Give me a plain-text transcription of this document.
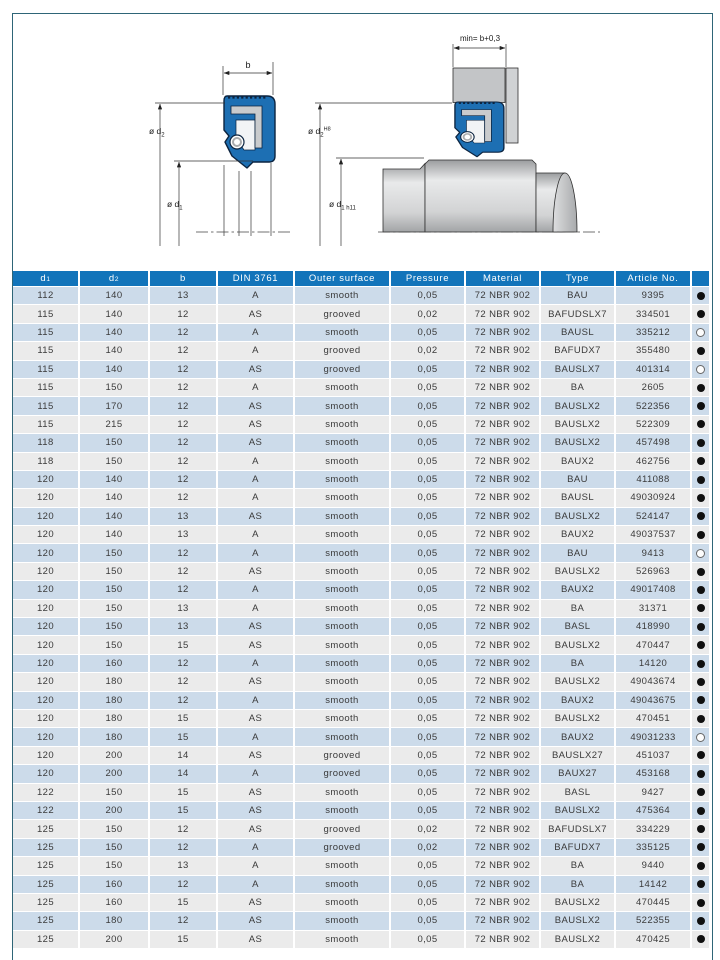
min= b+0,3
ø $d_2^{H8}$
ø $d_{1 h11}$
b
ø $d_2$
ø $d_1$
$d_1$	$d_2$	b	DIN 3761	Outer surface	Pressure	Material	Type	Article No.
112	140	13	A	smooth	0,05	72 NBR 902	BAU	9395
115	140	12	AS	grooved	0,02	72 NBR 902	BAFUDSLX7	334501
115	140	12	A	smooth	0,05	72 NBR 902	BAUSL	335212
115	140	12	A	grooved	0,02	72 NBR 902	BAFUDX7	355480
115	140	12	AS	grooved	0,05	72 NBR 902	BAUSLX7	401314
115	150	12	A	smooth	0,05	72 NBR 902	BA	2605
115	170	12	AS	smooth	0,05	72 NBR 902	BAUSLX2	522356
115	215	12	AS	smooth	0,05	72 NBR 902	BAUSLX2	522309
118	150	12	AS	smooth	0,05	72 NBR 902	BAUSLX2	457498
118	150	12	A	smooth	0,05	72 NBR 902	BAUX2	462756
120	140	12	A	smooth	0,05	72 NBR 902	BAU	411088
120	140	12	A	smooth	0,05	72 NBR 902	BAUSL	49030924
120	140	13	AS	smooth	0,05	72 NBR 902	BAUSLX2	524147
120	140	13	A	smooth	0,05	72 NBR 902	BAUX2	49037537
120	150	12	A	smooth	0,05	72 NBR 902	BAU	9413
120	150	12	AS	smooth	0,05	72 NBR 902	BAUSLX2	526963
120	150	12	A	smooth	0,05	72 NBR 902	BAUX2	49017408
120	150	13	A	smooth	0,05	72 NBR 902	BA	31371
120	150	13	AS	smooth	0,05	72 NBR 902	BASL	418990
120	150	15	AS	smooth	0,05	72 NBR 902	BAUSLX2	470447
120	160	12	A	smooth	0,05	72 NBR 902	BA	14120
120	180	12	AS	smooth	0,05	72 NBR 902	BAUSLX2	49043674
120	180	12	A	smooth	0,05	72 NBR 902	BAUX2	49043675
120	180	15	AS	smooth	0,05	72 NBR 902	BAUSLX2	470451
120	180	15	A	smooth	0,05	72 NBR 902	BAUX2	49031233
120	200	14	AS	grooved	0,05	72 NBR 902	BAUSLX27	451037
120	200	14	A	grooved	0,05	72 NBR 902	BAUX27	453168
122	150	15	AS	smooth	0,05	72 NBR 902	BASL	9427
122	200	15	AS	smooth	0,05	72 NBR 902	BAUSLX2	475364
125	150	12	AS	grooved	0,02	72 NBR 902	BAFUDSLX7	334229
125	150	12	A	grooved	0,02	72 NBR 902	BAFUDX7	335125
125	150	13	A	smooth	0,05	72 NBR 902	BA	9440
125	160	12	A	smooth	0,05	72 NBR 902	BA	14142
125	160	15	AS	smooth	0,05	72 NBR 902	BAUSLX2	470445
125	180	12	AS	smooth	0,05	72 NBR 902	BAUSLX2	522355
125	200	15	AS	smooth	0,05	72 NBR 902	BAUSLX2	470425
